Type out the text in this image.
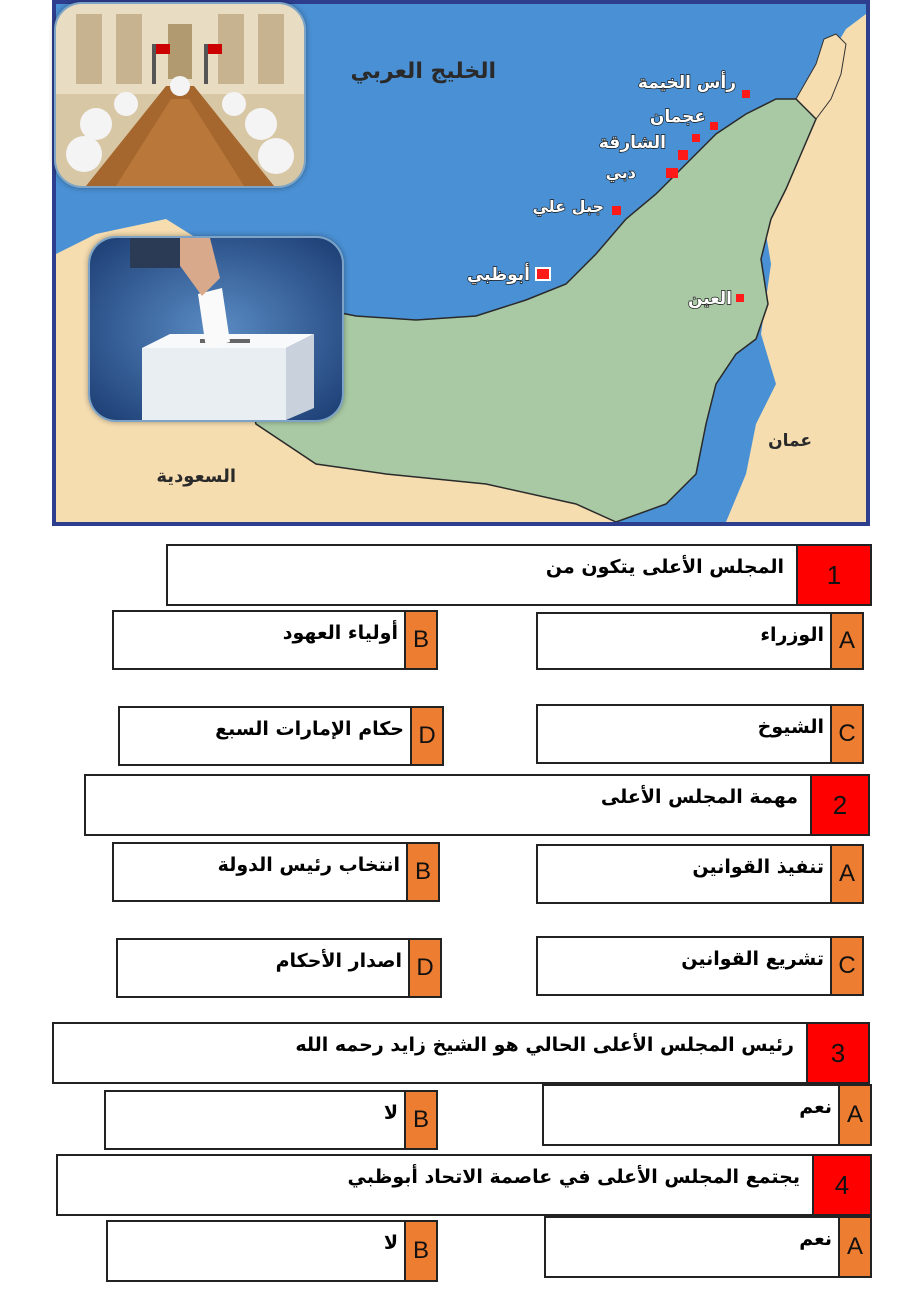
الخليج العربي	رأس الخيمة
عجمان
الشارقة
دبي
جبل علي
أبوظبي
العين
عمان
السعودية
1
المجلس الأعلى يتكون من
A
الوزراء
B
أولياء العهود
C
الشيوخ
D
حكام الإمارات السبع
2
مهمة المجلس الأعلى
A
تنفيذ القوانين
B
انتخاب رئيس الدولة
C
تشريع القوانين
D
اصدار الأحكام
3
رئيس المجلس الأعلى الحالي هو الشيخ زايد رحمه الله
A
نعم
B
لا
4
يجتمع المجلس الأعلى في عاصمة الاتحاد أبوظبي
A
نعم
B
لا
